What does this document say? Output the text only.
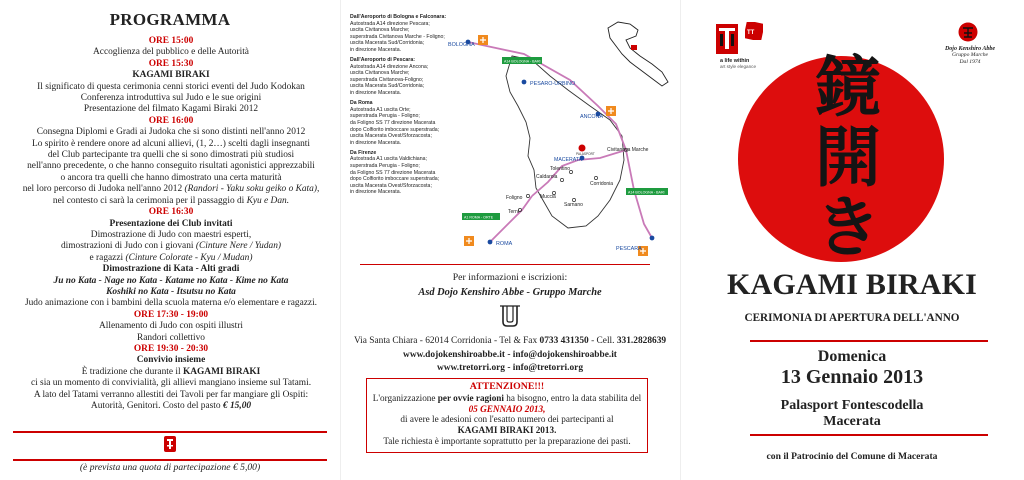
PROGRAMMA
ORE 15:00
Accoglienza del pubblico e delle Autorità
ORE 15:30
KAGAMI BIRAKI
Il significato di questa cerimonia cenni storici eventi del Judo Kodokan
Conferenza introduttiva sul Judo e le sue origini
Presentazione del filmato Kagami Biraki 2012
ORE 16:00
Consegna Diplomi e Gradi ai Judoka che si sono distinti nell'anno 2012
Lo spirito è rendere onore ad alcuni allievi, (1, 2…) scelti dagli insegnanti
del Club partecipante tra quelli che si sono dimostrati più studiosi
nell'anno precedente, o che hanno conseguito risultati agonistici apprezzabili
o ancora tra quelli che hanno dimostrato una certa maturità
nel loro percorso di Judoka nell'anno 2012 (Randori - Yaku soku geiko o Kata),
nel contesto ci sarà la cerimonia per il passaggio di Kyu e Dan.
ORE 16:30
Presentazione dei Club invitati
Dimostrazione di Judo con maestri esperti,
dimostrazioni di Judo con i giovani (Cinture Nere / Yudan)
e ragazzi (Cinture Colorate - Kyu / Mudan)
Dimostrazione di Kata - Alti gradi
Ju no Kata - Nage no Kata - Katame no Kata - Kime no Kata
Koshiki no Kata - Itsutsu no Kata
Judo animazione con i bambini della scuola materna e/o elementare e ragazzi.
ORE 17:30 - 19:00
Allenamento di Judo con ospiti illustri
Randori collettivo
ORE 19:30 - 20:30
Convivio insieme
È tradizione che durante il KAGAMI BIRAKI
ci sia un momento di convivialità, gli allievi mangiano insieme sul Tatami.
A lato del Tatami verranno allestiti dei Tavoli per far mangiare gli Ospiti:
Autorità, Genitori. Costo del pasto € 15,00
(è prevista una quota di partecipazione € 5,00)
Dall'Aeroporto di Bologna e Falconara:
Autostrada A14 direzione Pescara;
uscita Civitanova Marche;
superstrada Civitanova Marche - Foligno;
uscita Macerata Sud/Corridonia;
in direzione Macerata.
Dall'Aeroporto di Pescara:
Autostrada A14 direzione Ancona;
uscita Civitanova Marche;
superstrada Civitanova-Foligno;
uscita Macerata Sud/Corridonia;
in direzione Macerata.
Da Roma
Autostrada A1 uscita Orte;
superstrada Perugia - Foligno;
da Foligno SS 77 direzione Macerata
dopo Colfiorito imboccare superstrada;
uscita Macerata Ovest/Sforzacosta;
in direzione Macerata.
Da Firenze
Autostrada A1 uscita Valdichiana;
superstrada Perugia - Foligno;
da Foligno SS 77 direzione Macerata
dopo Colfiorito imboccare superstrada;
uscita Macerata Ovest/Sforzacosta;
in direzione Macerata.
BOLOGNA
PESARO-URBINO
ANCONA
MACERATA
PALASPORT
Civitanova Marche
Tolentino
Caldarola
Corridonia
Foligno	Muccia
Sarnano
Terni
ROMA
PESCARA
A14 BOLOGNA - BARI
A14 BOLOGNA - BARI
A1 ROMA - ORTE
Per informazioni e iscrizioni:
Asd Dojo Kenshiro Abbe - Gruppo Marche
Via Santa Chiara - 62014 Corridonia - Tel & Fax 0733 431350 - Cell. 331.2828639
www.dojokenshiroabbe.it - info@dojokenshiroabbe.it
www.tretorri.org - info@tretorri.org
ATTENZIONE!!!
L'organizzazione per ovvie ragioni ha bisogno, entro la data stabilita del
05 GENNAIO 2013,
di avere le adesioni con l'esatto numero dei partecipanti al
KAGAMI BIRAKI 2013.
Tale richiesta è importante soprattutto per la preparazione dei pasti.
TT
a life within
art style elegance
Dojo Kenshiro Abbe
Gruppo Marche
Dal 1974
鏡
開
き
KAGAMI BIRAKI
CERIMONIA DI APERTURA DELL'ANNO
Domenica
13 Gennaio 2013
Palasport Fontescodella
Macerata
con il Patrocinio del Comune di Macerata
